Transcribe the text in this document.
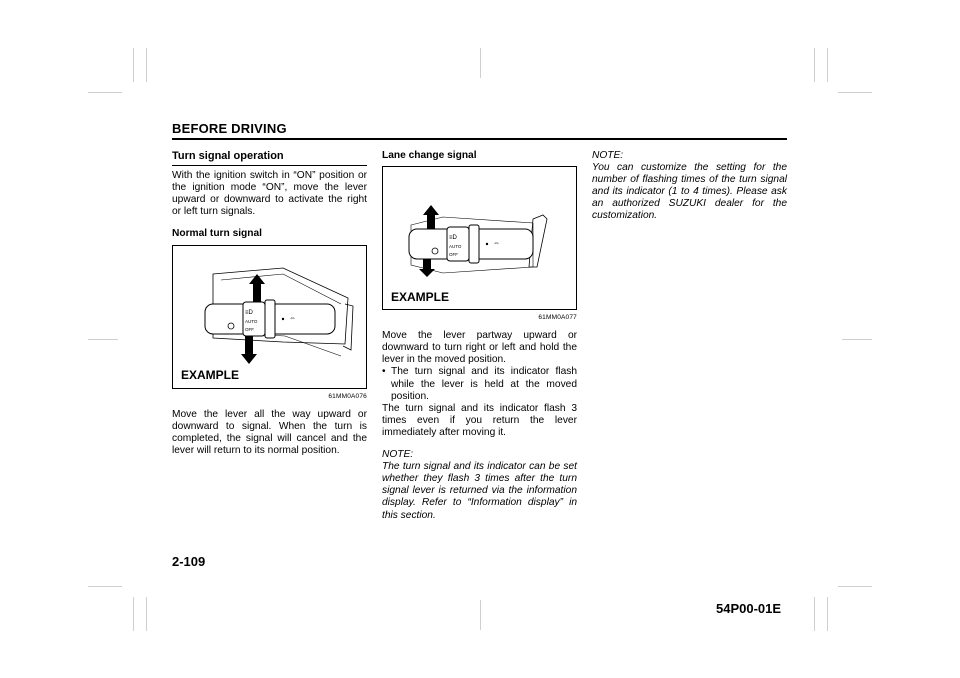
BEFORE DRIVING
Turn signal operation

With the ignition switch in “ON” position or the ignition mode “ON”, move the lever upward or downward to activate the right or left turn signals.

Normal turn signal
≡D
AUTO
OFF
⇔
EXAMPLE
61MM0A076

Move the lever all the way upward or downward to signal. When the turn is completed, the signal will cancel and the lever will return to its normal position.

Lane change signal
≡D
AUTO
OFF
⇔
EXAMPLE
61MM0A077

Move the lever partway upward or downward to turn right or left and hold the lever in the moved position.

• The turn signal and its indicator flash while the lever is held at the moved position.

The turn signal and its indicator flash 3 times even if you return the lever immediately after moving it.

NOTE:

The turn signal and its indicator can be set whether they flash 3 times after the turn signal lever is returned via the information display. Refer to “Information display” in this section.

NOTE:

You can customize the setting for the number of flashing times of the turn signal and its indicator (1 to 4 times). Please ask an authorized SUZUKI dealer for the customization.

2-109
54P00-01E
